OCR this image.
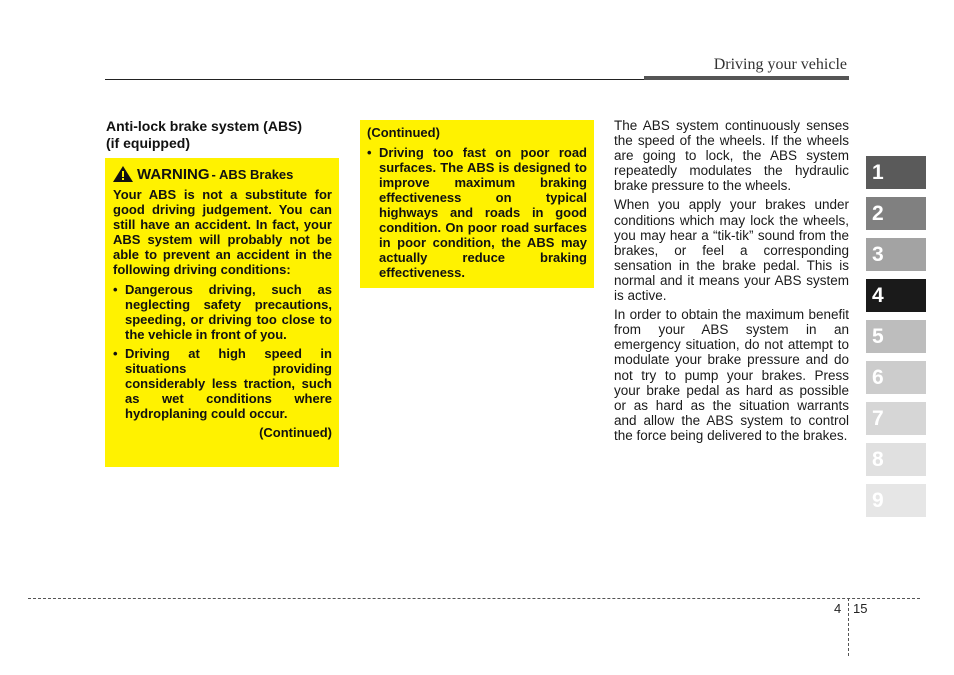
Driving your vehicle
Anti-lock brake system (ABS)
(if equipped)
WARNING - ABS Brakes
Your ABS is not a substitute for good driving judgement. You can still have an accident. In fact, your ABS system will probably not be able to prevent an accident in the following driving conditions:
• Dangerous driving, such as neglecting safety precautions, speeding, or driving too close to the vehicle in front of you.
• Driving at high speed in situations providing considerably less traction, such as wet conditions where hydroplaning could occur.
(Continued)
(Continued)
• Driving too fast on poor road surfaces. The ABS is designed to improve maximum braking effectiveness on typical highways and roads in good condition. On poor road surfaces in poor condition, the ABS may actually reduce braking effectiveness.

The ABS system continuously senses the speed of the wheels. If the wheels are going to lock, the ABS system repeatedly modulates the hydraulic brake pressure to the wheels.

When you apply your brakes under conditions which may lock the wheels, you may hear a “tik-tik” sound from the brakes, or feel a corresponding sensation in the brake pedal. This is normal and it means your ABS system is active.

In order to obtain the maximum benefit from your ABS system in an emergency situation, do not attempt to modulate your brake pressure and do not try to pump your brakes. Press your brake pedal as hard as possible or as hard as the situation warrants and allow the ABS system to control the force being delivered to the brakes.

1
2
3
4
5
6
7
8
9
4 15
